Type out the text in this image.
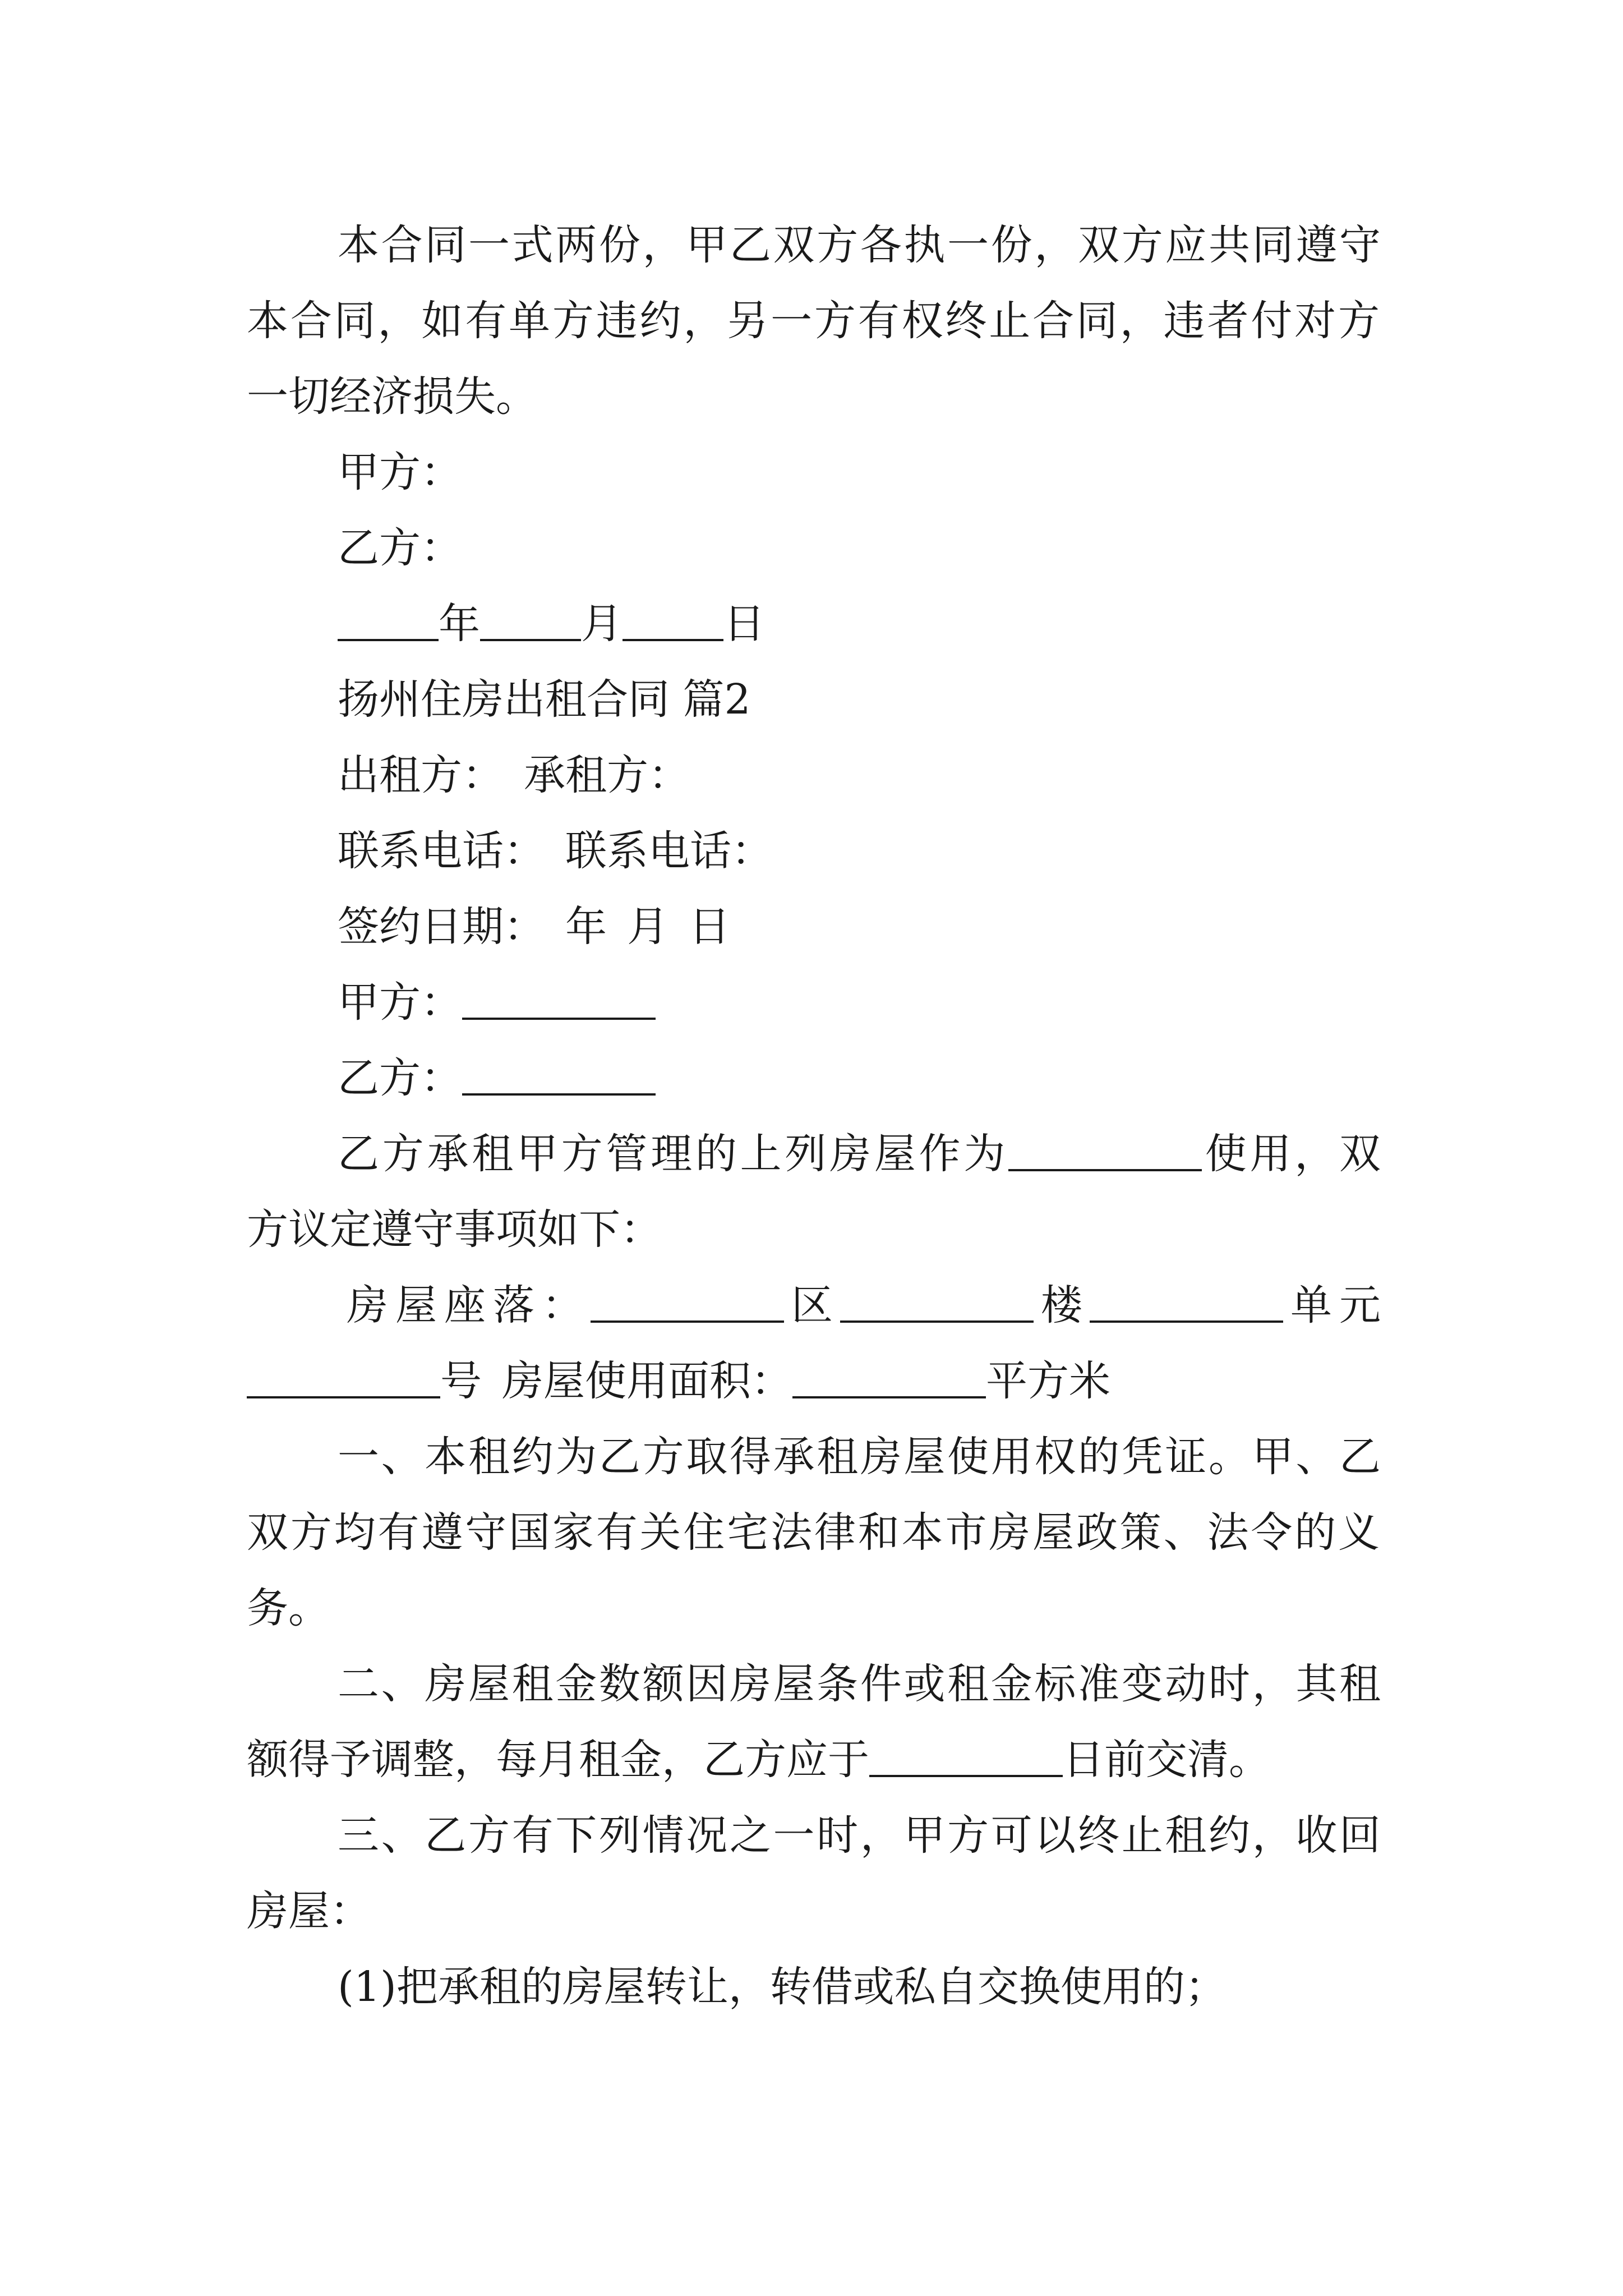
本合同一式两份，甲乙双方各执一份，双方应共同遵守
本合同，如有单方违约，另一方有权终止合同，违者付对方
一切经济损失。
甲方：
乙方：
年 月 日
扬州住房出租合同 篇2
出租方： 承租方：
联系电话： 联系电话：
签约日期： 年 月 日
甲方：
乙方：
乙方承租甲方管理的上列房屋作为	使用，双
方议定遵守事项如下：
房屋座落：	区	楼	单元
号 房屋使用面积：	平方米
一、本租约为乙方取得承租房屋使用权的凭证。甲、乙
双方均有遵守国家有关住宅法律和本市房屋政策、法令的义
务。
二、房屋租金数额因房屋条件或租金标准变动时，其租
额得予调整，每月租金，乙方应于	日前交清。
三、乙方有下列情况之一时，甲方可以终止租约，收回
房屋：
(1)把承租的房屋转让，转借或私自交换使用的；
